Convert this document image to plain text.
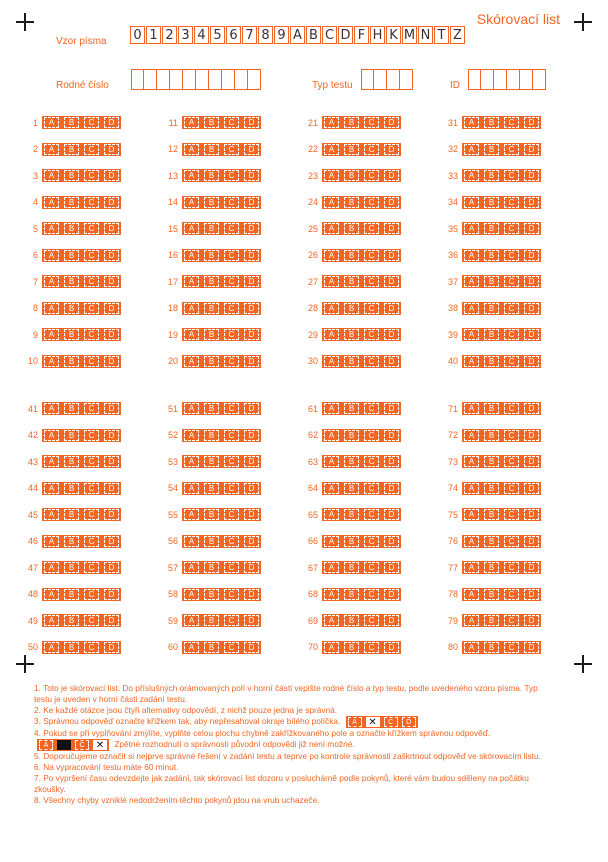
Skórovací list
Vzor písma 0 1 2 3 4 5 6 7 8 9 A B C D F H K M N T Z
Rodné číslo	Typ testu	ID
1	A	B	C	D
2	A	B	C	D
3	A	B	C	D
4	A	B	C	D
5	A	B	C	D
6	A	B	C	D
7	A	B	C	D
8	A	B	C	D
9	A	B	C	D
10	A	B	C	D
11	A	B	C	D
12	A	B	C	D
13	A	B	C	D
14	A	B	C	D
15	A	B	C	D
16	A	B	C	D
17	A	B	C	D
18	A	B	C	D
19	A	B	C	D
20	A	B	C	D
21	A	B	C	D
22	A	B	C	D
23	A	B	C	D
24	A	B	C	D
25	A	B	C	D
26	A	B	C	D
27	A	B	C	D
28	A	B	C	D
29	A	B	C	D
30	A	B	C	D
31	A	B	C	D
32	A	B	C	D
33	A	B	C	D
34	A	B	C	D
35	A	B	C	D
36	A	B	C	D
37	A	B	C	D
38	A	B	C	D
39	A	B	C	D
40	A	B	C	D
41	A	B	C	D
42	A	B	C	D
43	A	B	C	D
44	A	B	C	D
45	A	B	C	D
46	A	B	C	D
47	A	B	C	D
48	A	B	C	D
49	A	B	C	D
50	A	B	C	D
51	A	B	C	D
52	A	B	C	D
53	A	B	C	D
54	A	B	C	D
55	A	B	C	D
56	A	B	C	D
57	A	B	C	D
58	A	B	C	D
59	A	B	C	D
60	A	B	C	D
61	A	B	C	D
62	A	B	C	D
63	A	B	C	D
64	A	B	C	D
65	A	B	C	D
66	A	B	C	D
67	A	B	C	D
68	A	B	C	D
69	A	B	C	D
70	A	B	C	D
71	A	B	C	D
72	A	B	C	D
73	A	B	C	D
74	A	B	C	D
75	A	B	C	D
76	A	B	C	D
77	A	B	C	D
78	A	B	C	D
79	A	B	C	D
80	A	B	C	D

1. Toto je skórovací list. Do příslušných orámovaných polí v horní části vepište rodné číslo a typ testu, podle uvedeného vzoru písma. Typ testu je uveden v horní části zadání testu.

2. Ke každé otázce jsou čtyři alternativy odpovědí, z nichž pouze jedna je správná.

3. Správnou odpověď označte křížkem tak, aby nepřesahoval okraje bílého políčka.	A	✕	C	D

4. Pokud se při vyplňování zmýlíte, vyplňte celou plochu chybně zakřížkovaného pole a označte křížkem správnou odpověď.
A	C	✕	Zpětné rozhodnutí o správnosti původní odpovědi již není možné.

5. Doporučujeme označit si nejprve správné řešení v zadání testu a teprve po kontrole správnosti zaškrtnout odpověď ve skórovacím listu.

6. Na vypracování testu máte 60 minut.

7. Po vypršení času odevzdejte jak zadání, tak skórovací list dozoru v posluchárně podle pokynů, které vám budou sděleny na počátku zkoušky.

8. Všechny chyby vzniklé nedodržením těchto pokynů jdou na vrub uchazeče.
